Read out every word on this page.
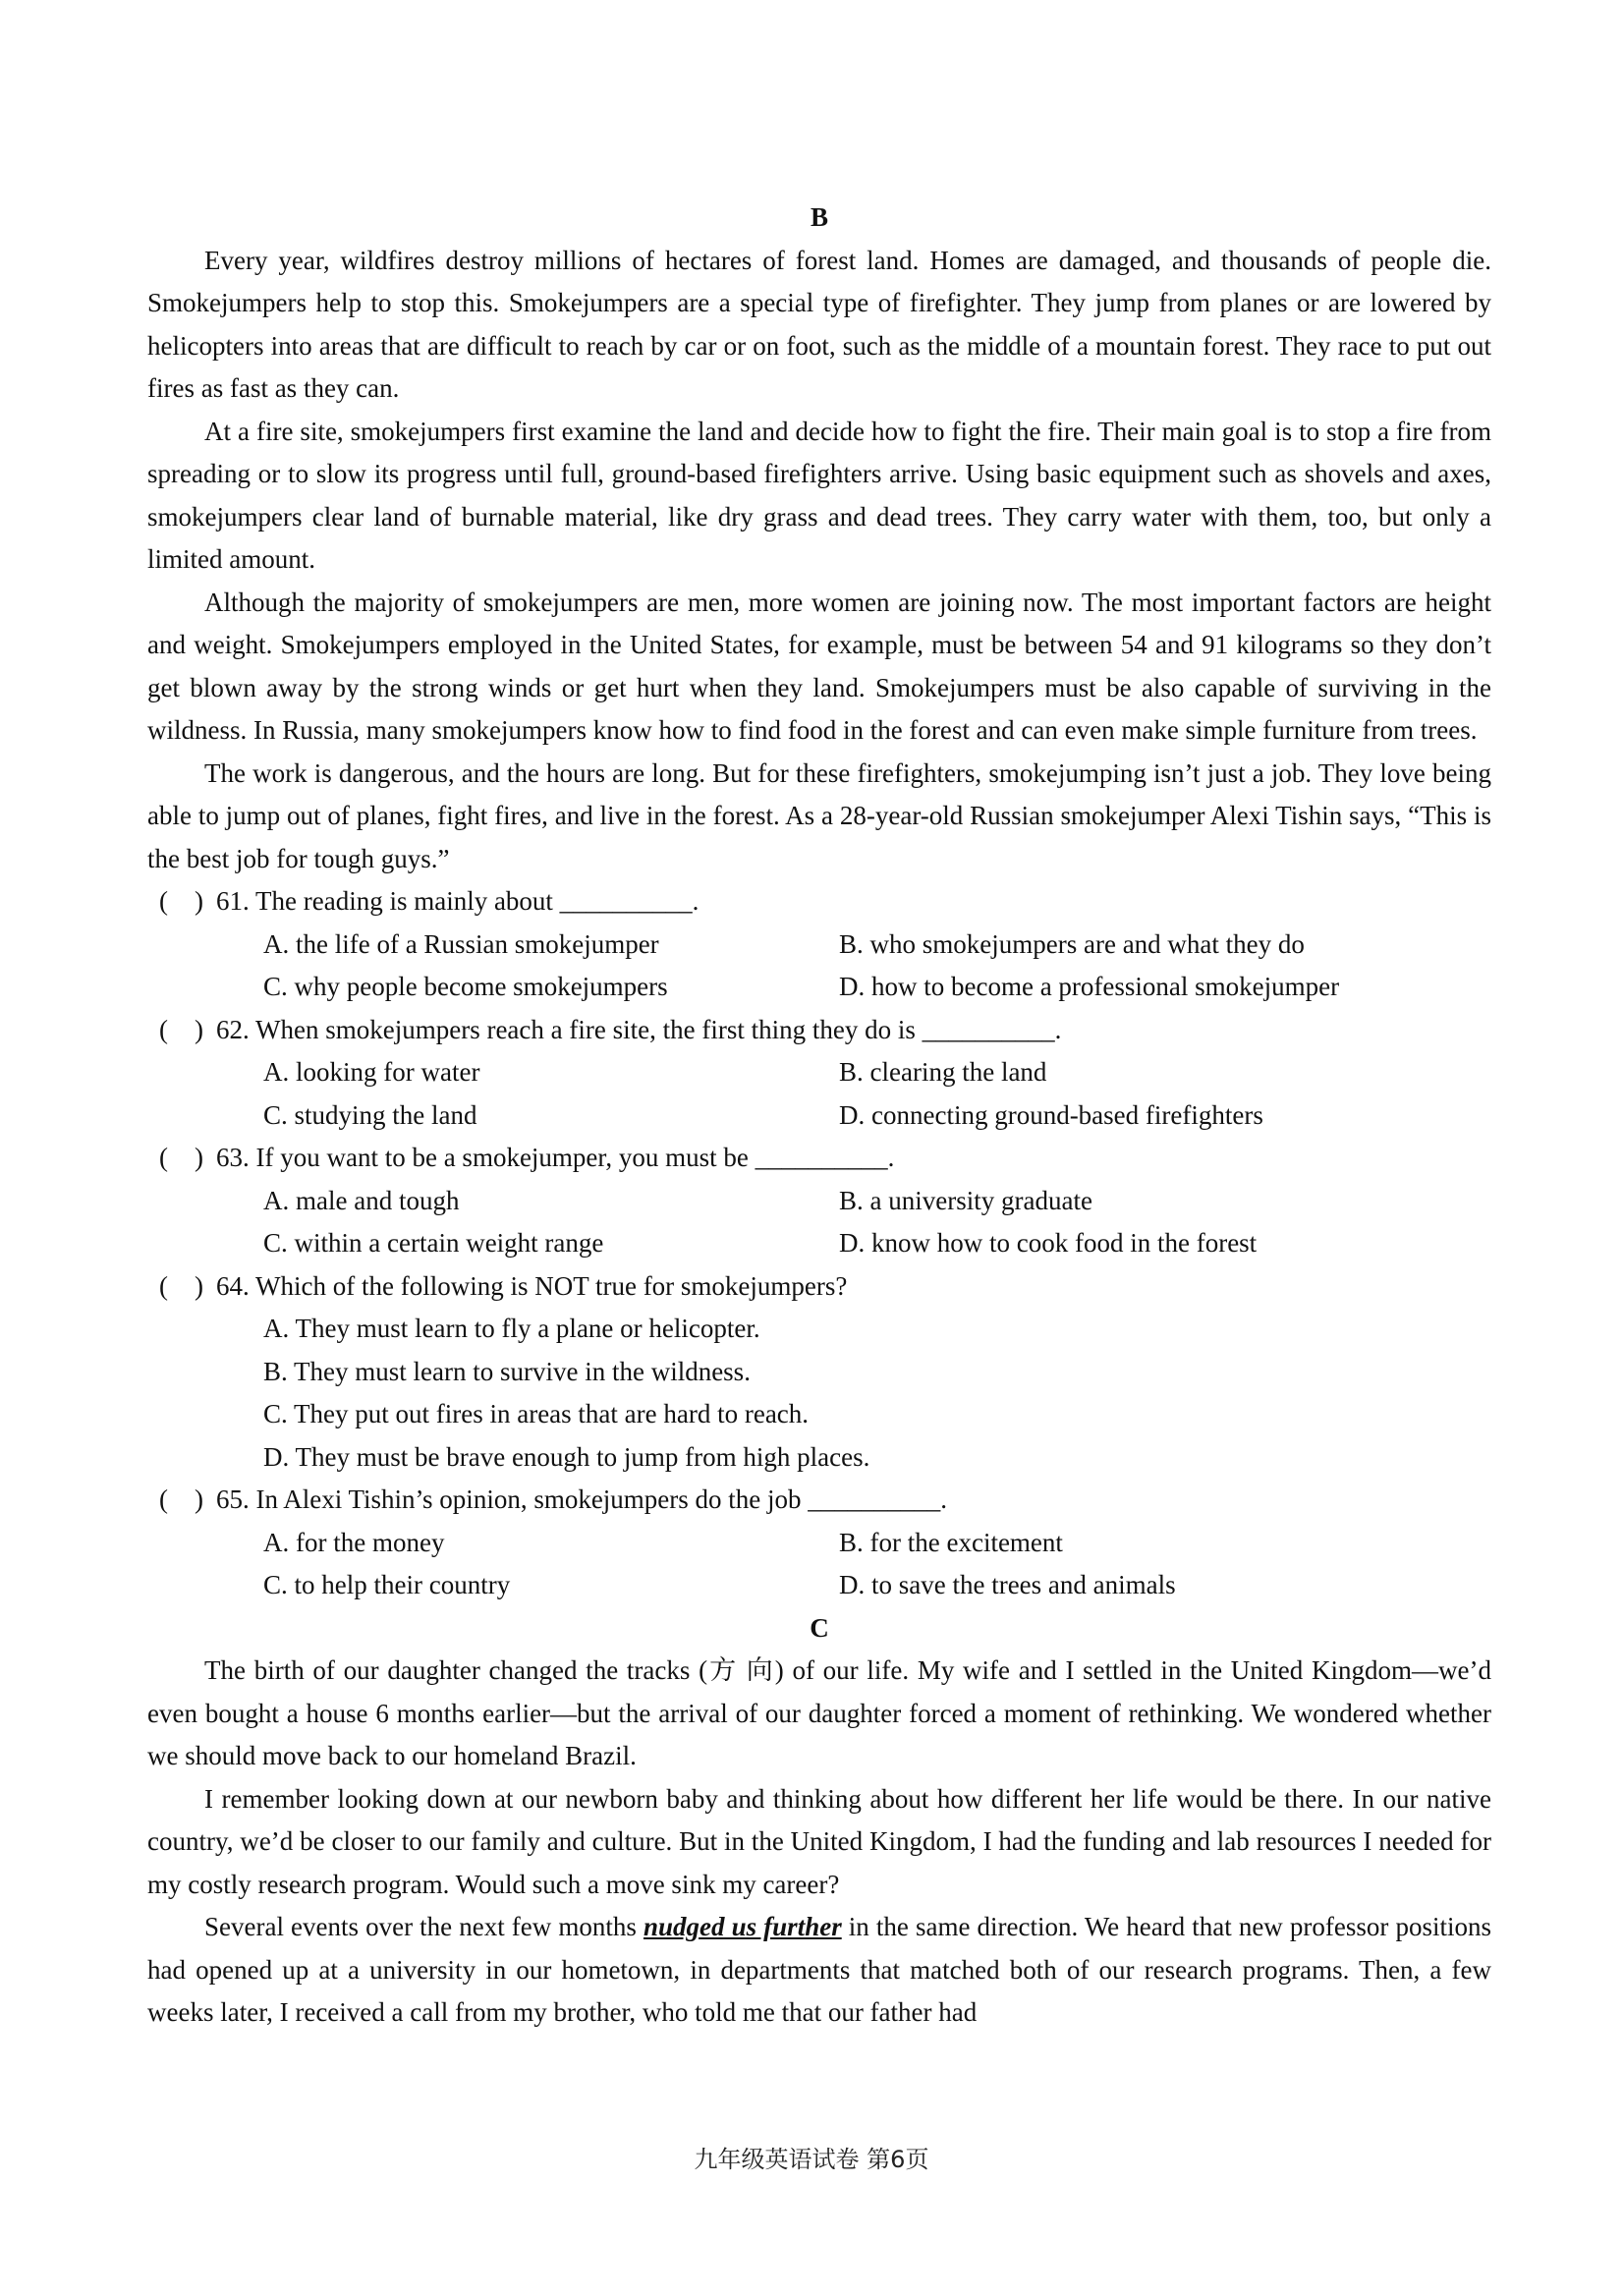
B

Every year, wildfires destroy millions of hectares of forest land. Homes are damaged, and thousands of people die. Smokejumpers help to stop this. Smokejumpers are a special type of firefighter. They jump from planes or are lowered by helicopters into areas that are difficult to reach by car or on foot, such as the middle of a mountain forest. They race to put out fires as fast as they can.

At a fire site, smokejumpers first examine the land and decide how to fight the fire. Their main goal is to stop a fire from spreading or to slow its progress until full, ground-based firefighters arrive. Using basic equipment such as shovels and axes, smokejumpers clear land of burnable material, like dry grass and dead trees. They carry water with them, too, but only a limited amount.

Although the majority of smokejumpers are men, more women are joining now. The most important factors are height and weight. Smokejumpers employed in the United States, for example, must be between 54 and 91 kilograms so they don’t get blown away by the strong winds or get hurt when they land. Smokejumpers must be also capable of surviving in the wildness. In Russia, many smokejumpers know how to find food in the forest and can even make simple furniture from trees.

The work is dangerous, and the hours are long. But for these firefighters, smokejumping isn’t just a job. They love being able to jump out of planes, fight fires, and live in the forest. As a 28-year-old Russian smokejumper Alexi Tishin says, “This is the best job for tough guys.”

(    )
61. The reading is mainly about __________.

A. the life of a Russian smokejumper	B. who smokejumpers are and what they do
C. why people become smokejumpers	D. how to become a professional smokejumper

(    )
62. When smokejumpers reach a fire site, the first thing they do is __________.

A. looking for water	B. clearing the land
C. studying the land	D. connecting ground-based firefighters

(    )
63. If you want to be a smokejumper, you must be __________.

A. male and tough	B. a university graduate
C. within a certain weight range	D. know how to cook food in the forest

(    )
64. Which of the following is NOT true for smokejumpers?

A. They must learn to fly a plane or helicopter.

B. They must learn to survive in the wildness.

C. They put out fires in areas that are hard to reach.

D. They must be brave enough to jump from high places.

(    )
65. In Alexi Tishin’s opinion, smokejumpers do the job __________.

A. for the money	B. for the excitement
C. to help their country	D. to save the trees and animals

C

The birth of our daughter changed the tracks (方 向) of our life. My wife and I settled in the United Kingdom—we’d even bought a house 6 months earlier—but the arrival of our daughter forced a moment of rethinking. We wondered whether we should move back to our homeland Brazil.

I remember looking down at our newborn baby and thinking about how different her life would be there. In our native country, we’d be closer to our family and culture. But in the United Kingdom, I had the funding and lab resources I needed for my costly research program. Would such a move sink my career?

Several events over the next few months nudged us further in the same direction. We heard that new professor positions had opened up at a university in our hometown, in departments that matched both of our research programs. Then, a few weeks later, I received a call from my brother, who told me that our father had

九年级英语试卷 第6页
